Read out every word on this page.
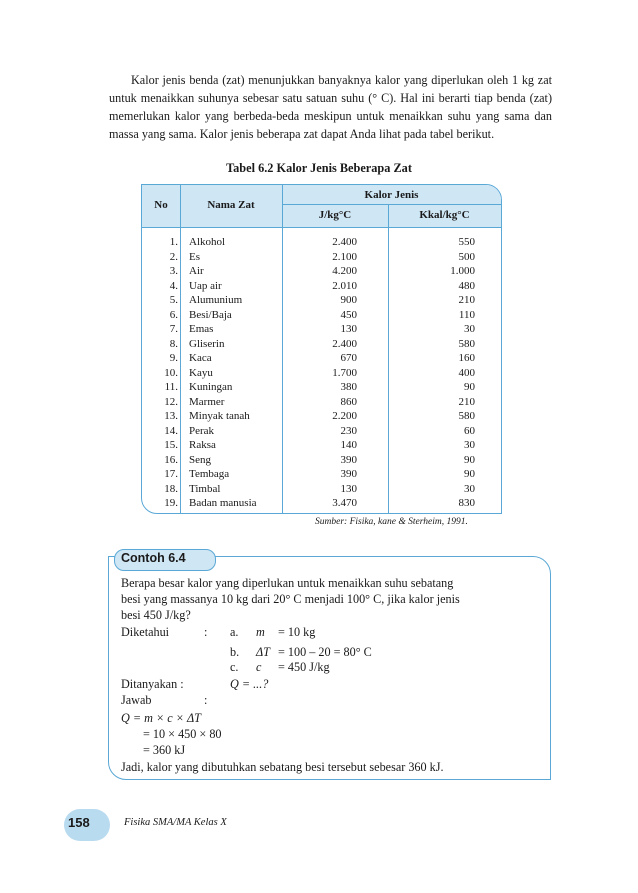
Kalor jenis benda (zat) menunjukkan banyaknya kalor yang diperlukan oleh 1 kg zat untuk menaikkan suhunya sebesar satu satuan suhu (° C). Hal ini berarti tiap benda (zat) memerlukan kalor yang berbeda-beda meskipun untuk menaikkan suhu yang sama dan massa yang sama. Kalor jenis beberapa zat dapat Anda lihat pada tabel berikut.

Tabel 6.2 Kalor Jenis Beberapa Zat
No	Nama Zat
Kalor Jenis
J/kg°C	Kkal/kg°C
1. Alkohol	2.400	550
2. Es	2.100	500
3. Air	4.200	1.000
4. Uap air	2.010	480
5. Alumunium	900	210
6. Besi/Baja	450	110
7. Emas	130	30
8. Gliserin	2.400	580
9. Kaca	670	160
10. Kayu	1.700	400
11. Kuningan	380	90
12. Marmer	860	210
13. Minyak tanah	2.200	580
14. Perak	230	60
15. Raksa	140	30
16. Seng	390	90
17. Tembaga	390	90
18. Timbal	130	30
19. Badan manusia	3.470	830
Sumber: Fisika, kane & Sterheim, 1991.
Contoh 6.4
Berapa besar kalor yang diperlukan untuk menaikkan suhu sebatang
besi yang massanya 10 kg dari 20° C menjadi 100° C, jika kalor jenis
besi 450 J/kg?
Diketahui	: a. m = 10 kg
b. ΔT = 100 – 20 = 80° C
c. c = 450 J/kg
Ditanyakan :	Q = ...?
Jawab	:
Q = m × c × ΔT
= 10 × 450 × 80
= 360 kJ
Jadi, kalor yang dibutuhkan sebatang besi tersebut sebesar 360 kJ.
158	Fisika SMA/MA Kelas X
